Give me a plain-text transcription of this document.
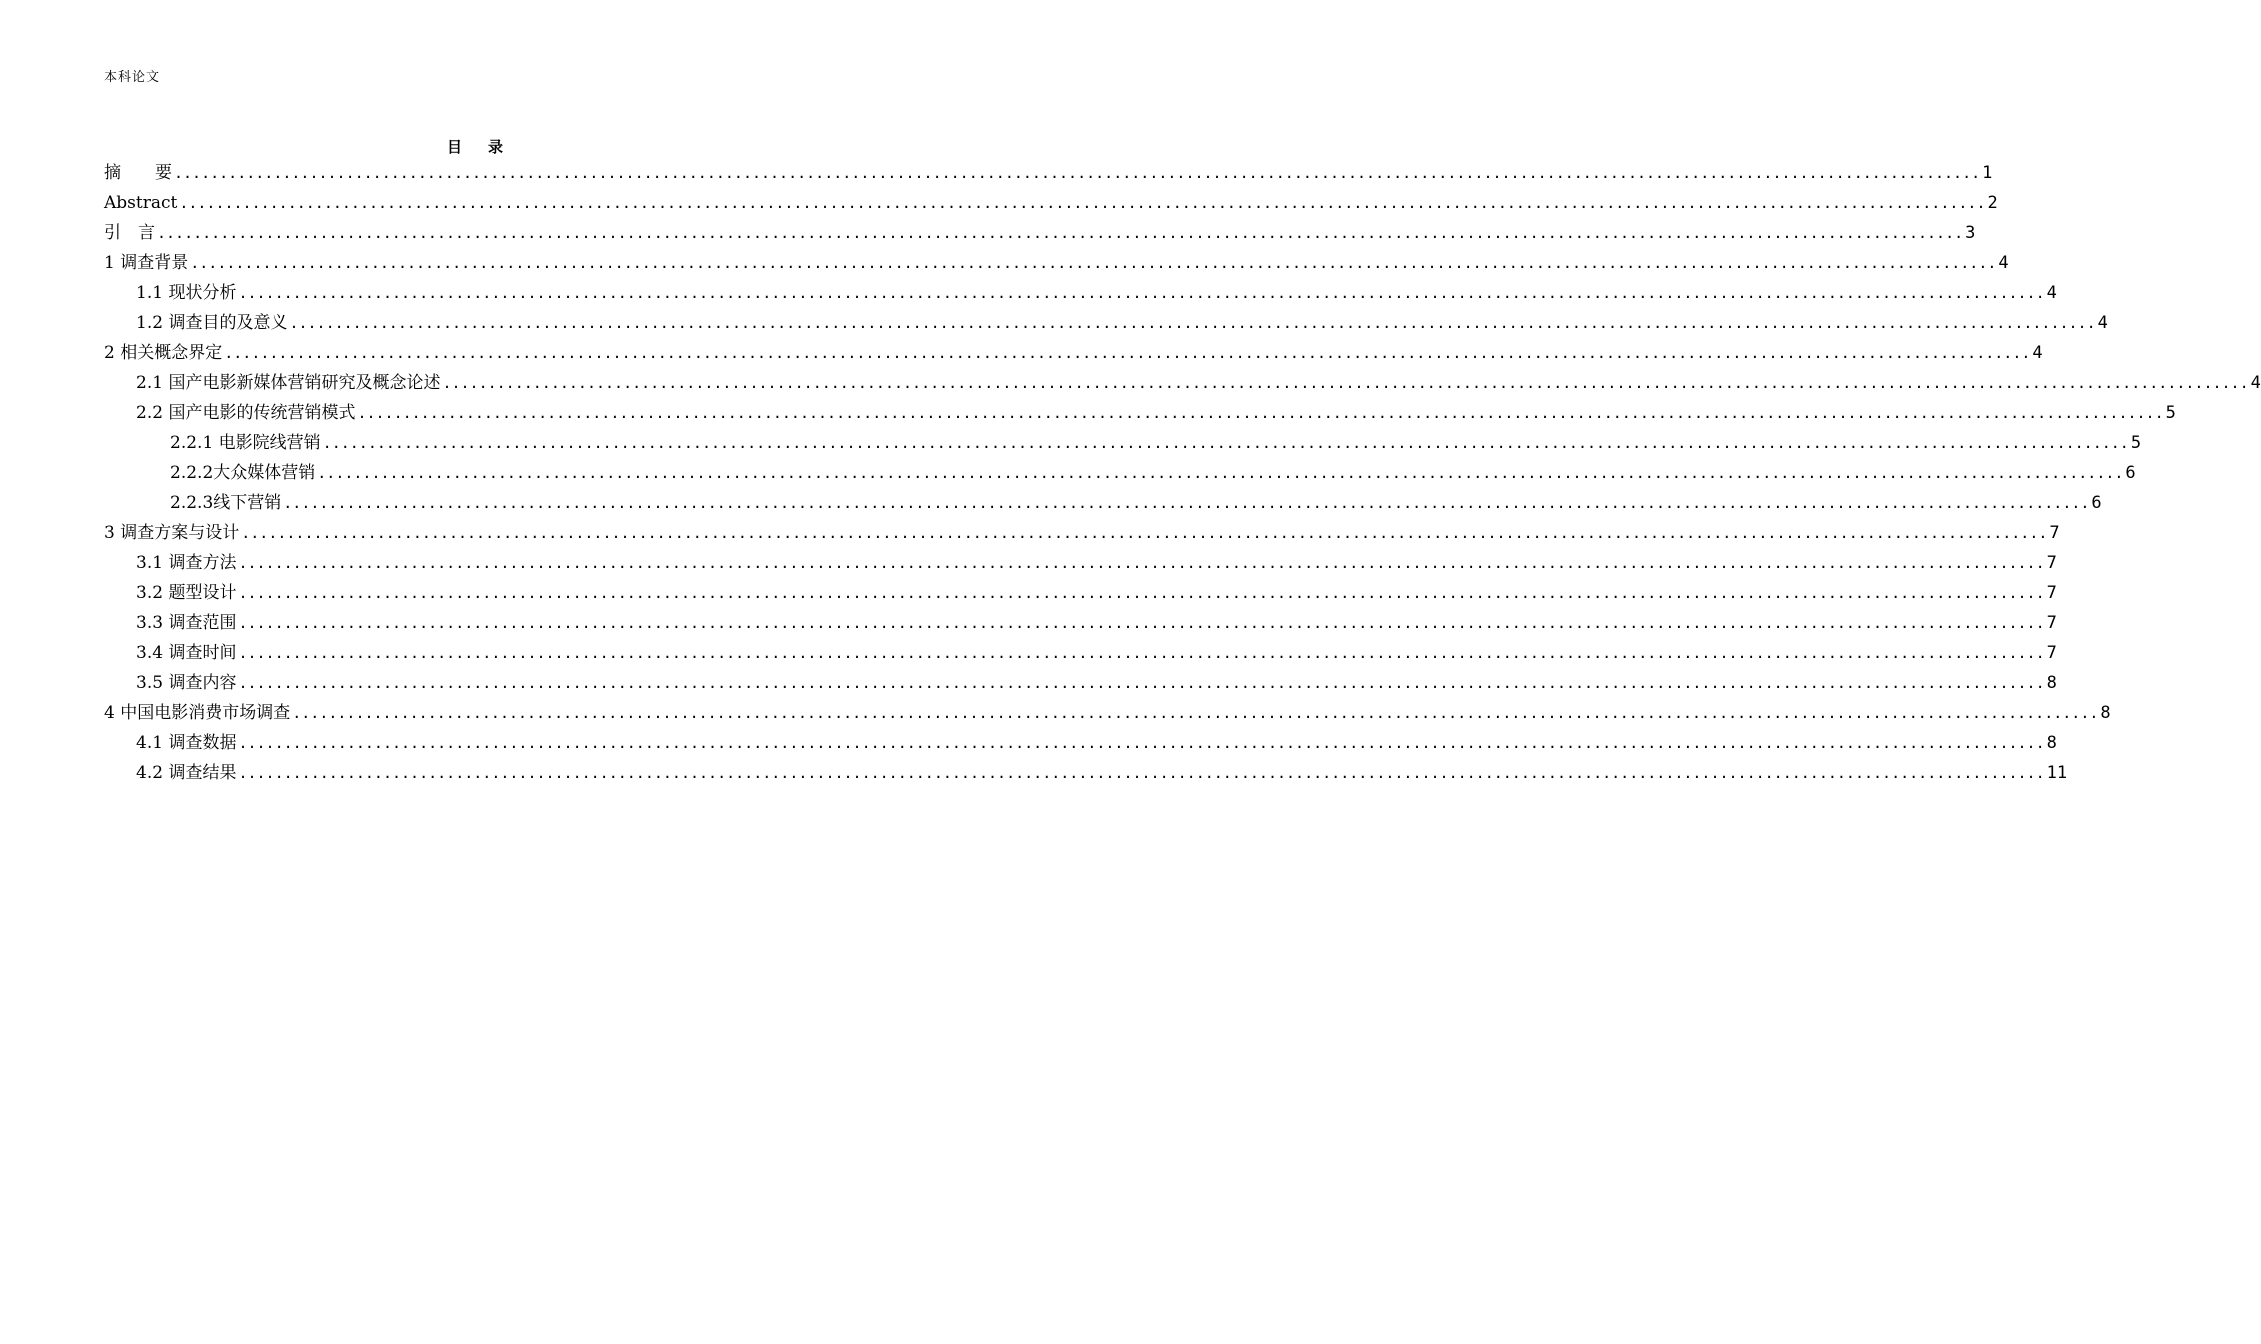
本科论文
目 录
摘　　要 ........................................................................................................................................................................................................ 1
Abstract ........................................................................................................................................................................................................ 2
引　言 ........................................................................................................................................................................................................ 3
1 调查背景 ........................................................................................................................................................................................................ 4
1.1 现状分析 ........................................................................................................................................................................................................ 4
1.2 调查目的及意义 ........................................................................................................................................................................................................ 4
2 相关概念界定 ........................................................................................................................................................................................................ 4
2.1 国产电影新媒体营销研究及概念论述 ........................................................................................................................................................................................................ 4
2.2 国产电影的传统营销模式 ........................................................................................................................................................................................................ 5
2.2.1 电影院线营销 ........................................................................................................................................................................................................ 5
2.2.2大众媒体营销 ........................................................................................................................................................................................................ 6
2.2.3线下营销 ........................................................................................................................................................................................................ 6
3 调查方案与设计 ........................................................................................................................................................................................................ 7
3.1 调查方法 ........................................................................................................................................................................................................ 7
3.2 题型设计 ........................................................................................................................................................................................................ 7
3.3 调查范围 ........................................................................................................................................................................................................ 7
3.4 调查时间 ........................................................................................................................................................................................................ 7
3.5 调查内容 ........................................................................................................................................................................................................ 8
4 中国电影消费市场调查 ........................................................................................................................................................................................................ 8
4.1 调查数据 ........................................................................................................................................................................................................ 8
4.2 调查结果 ........................................................................................................................................................................................................ 11
